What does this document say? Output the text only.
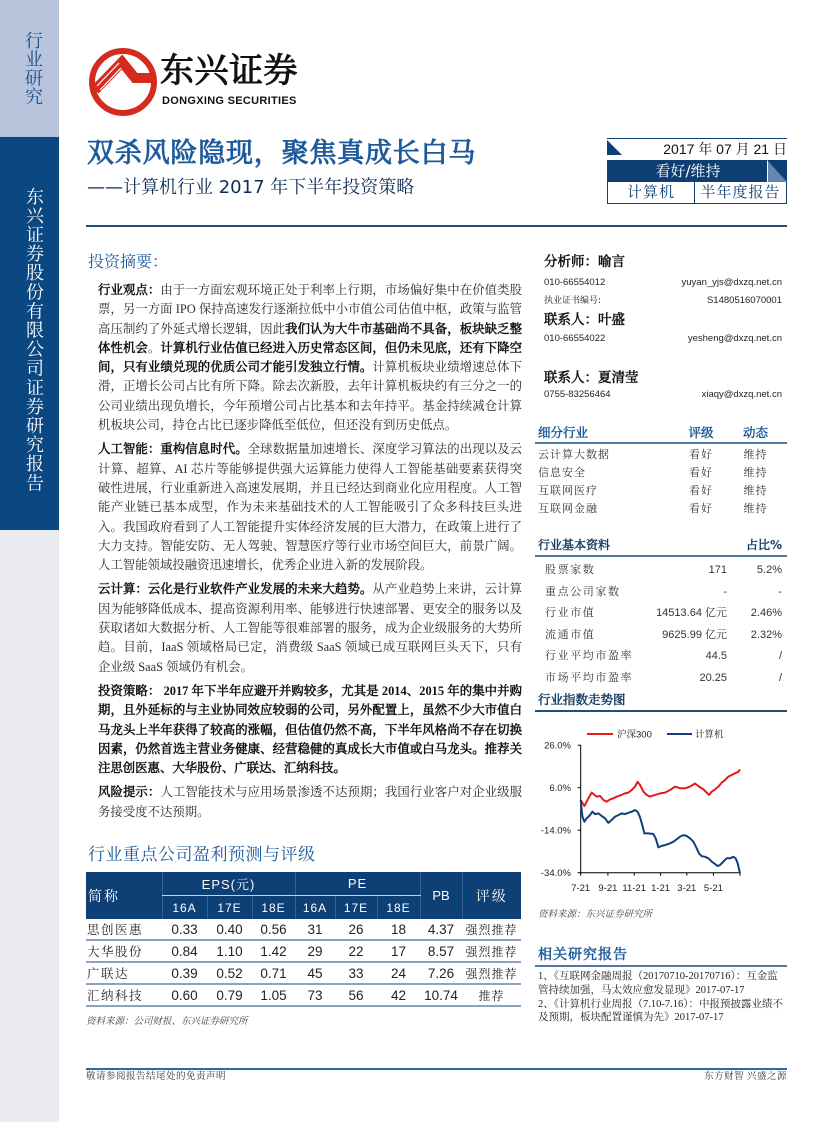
行业研究
东兴证券股份有限公司证券研究报告
东兴证券
DONGXING SECURITIES
双杀风险隐现，聚焦真成长白马
——计算机行业 2017 年下半年投资策略
2017 年 07 月 21 日
看好/维持
计算机	半年度报告
投资摘要：

行业观点：由于一方面宏观环境正处于利率上行期，市场偏好集中在价值类股票，另一方面 IPO 保持高速发行逐渐拉低中小市值公司估值中枢，政策与监管高压制约了外延式增长逻辑，因此我们认为大牛市基础尚不具备，板块缺乏整体性机会。计算机行业估值已经进入历史常态区间，但仍未见底，还有下降空间，只有业绩兑现的优质公司才能引发独立行情。计算机板块业绩增速总体下滑，正增长公司占比有所下降。除去次新股，去年计算机板块约有三分之一的公司业绩出现负增长，今年预增公司占比基本和去年持平。基金持续减仓计算机板块公司，持仓占比已逐步降低至低位，但还没有到历史低点。

人工智能：重构信息时代。全球数据量加速增长、深度学习算法的出现以及云计算、超算、AI 芯片等能够提供强大运算能力使得人工智能基础要素获得突破性进展，行业重新进入高速发展期，并且已经达到商业化应用程度。人工智能产业链已基本成型，作为未来基础技术的人工智能吸引了众多科技巨头进入。我国政府看到了人工智能提升实体经济发展的巨大潜力，在政策上进行了大力支持。智能安防、无人驾驶、智慧医疗等行业市场空间巨大，前景广阔。人工智能领域投融资迅速增长，优秀企业进入新的发展阶段。

云计算：云化是行业软件产业发展的未来大趋势。从产业趋势上来讲，云计算因为能够降低成本、提高资源利用率、能够进行快速部署、更安全的服务以及获取诸如大数据分析、人工智能等很难部署的服务，成为企业级服务的大势所趋。目前，IaaS 领域格局已定，消费级 SaaS 领域已成互联网巨头天下，只有企业级 SaaS 领域仍有机会。

投资策略： 2017 年下半年应避开并购较多，尤其是 2014、2015 年的集中并购期，且外延标的与主业协同效应较弱的公司，另外配置上，虽然不少大市值白马龙头上半年获得了较高的涨幅，但估值仍然不高，下半年风格尚不存在切换因素，仍然首选主营业务健康、经营稳健的真成长大市值或白马龙头。推荐关注思创医惠、大华股份、广联达、汇纳科技。

风险提示：人工智能技术与应用场景渗透不达预期；我国行业客户对企业级服务接受度不达预期。

行业重点公司盈利预测与评级
简称	EPS(元)			PE			PB	评级
	16A	17E	18E	16A	17E	18E		
思创医惠	0.33	0.40	0.56	31	26	18	4.37	强烈推荐
大华股份	0.84	1.10	1.42	29	22	17	8.57	强烈推荐
广联达	0.39	0.52	0.71	45	33	24	7.26	强烈推荐
汇纳科技	0.60	0.79	1.05	73	56	42	10.74	推荐
资料来源：公司财报、东兴证券研究所
分析师：喻言
010-66554012	yuyan_yjs@dxzq.net.cn
执业证书编号:	S1480516070001
联系人：叶盛
010-66554022	yesheng@dxzq.net.cn
联系人：夏清莹
0755-83256464	xiaqy@dxzq.net.cn
细分行业	评级	动态
云计算大数据	看好	维持
信息安全	看好	维持
互联网医疗	看好	维持
互联网金融	看好	维持
行业基本资料	占比%
股票家数	171	5.2%
重点公司家数	-	-
行业市值	14513.64 亿元	2.46%
流通市值	9625.99 亿元	2.32%
行业平均市盈率	44.5	/
市场平均市盈率	20.25	/
行业指数走势图
沪深300	计算机
26.0%
6.0%
-14.0%
-34.0%
7-21 9-21 11-21 1-21 3-21 5-21
资料来源：东兴证券研究所
相关研究报告
1、《互联网金融周报（20170710-20170716）：互金监管持续加强，马太效应愈发显现》2017-07-17
2、《计算机行业周报（7.10-7.16）：中报预披露业绩不及预期，板块配置谨慎为先》2017-07-17
敬请参阅报告结尾处的免责声明	东方财智 兴盛之源
